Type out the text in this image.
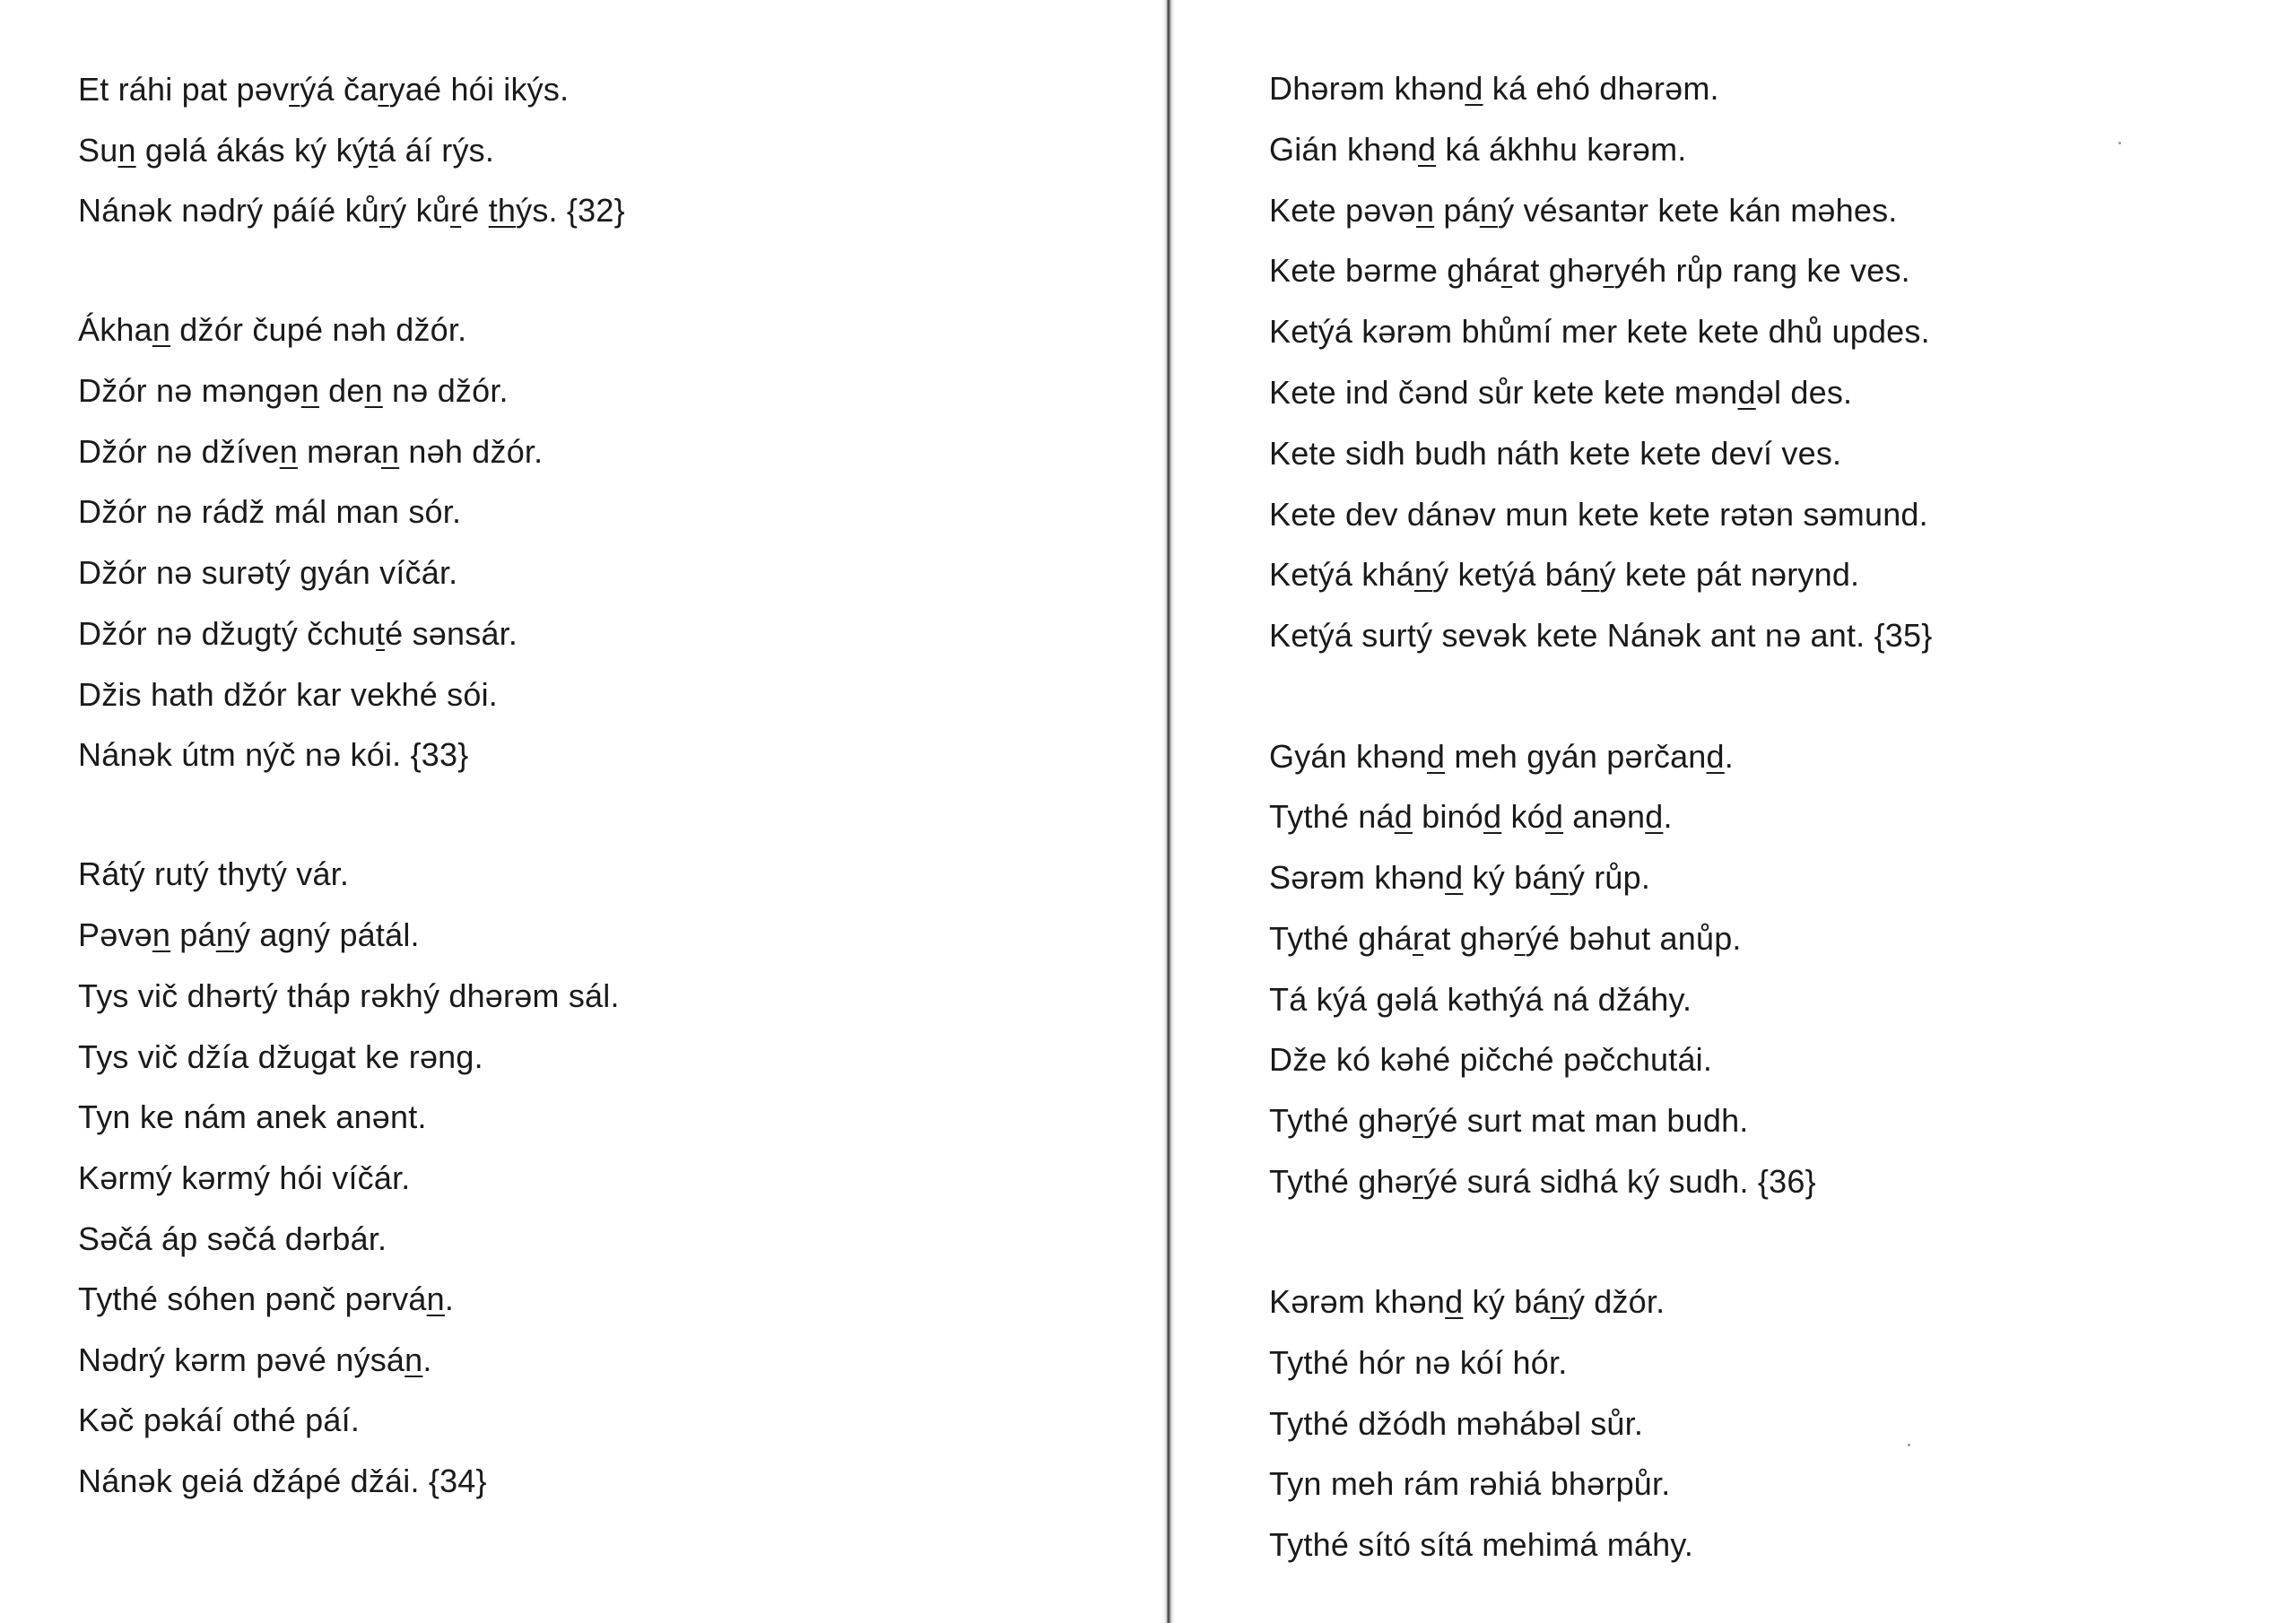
Et ráhi pat pəvrýá čaryaé hói ikýs.
Sun gəlá ákás ký kýtá áí rýs.
Nánək nədrý páíé kůrý kůré thýs. {32}
Ákhan džór čupé nəh džór.
Džór nə məngən den nə džór.
Džór nə džíven məran nəh džór.
Džór nə rádž mál man sór.
Džór nə surətý gyán víčár.
Džór nə džugtý čchuté sənsár.
Džis hath džór kar vekhé sói.
Nánək útm nýč nə kói. {33}
Rátý rutý thytý vár.
Pəvən páný agný pátál.
Tys vič dhərtý tháp rəkhý dhərəm sál.
Tys vič džía džugat ke rəng.
Tyn ke nám anek anənt.
Kərmý kərmý hói víčár.
Səčá áp səčá dərbár.
Tythé sóhen pənč pərván.
Nədrý kərm pəvé nýsán.
Kəč pəkáí othé páí.
Nánək geiá džápé džái. {34}
Dhərəm khənd ká ehó dhərəm.
Gián khənd ká ákhhu kərəm.
Kete pəvən páný vésantər kete kán məhes.
Kete bərme ghárat ghəryéh růp rang ke ves.
Ketýá kərəm bhůmí mer kete kete dhů updes.
Kete ind čənd sůr kete kete məndəl des.
Kete sidh budh náth kete kete deví ves.
Kete dev dánəv mun kete kete rətən səmund.
Ketýá kháný ketýá báný kete pát nərynd.
Ketýá surtý sevək kete Nánək ant nə ant. {35}
Gyán khənd meh gyán pərčand.
Tythé nád binód kód anənd.
Sərəm khənd ký báný růp.
Tythé ghárat ghərýé bəhut anůp.
Tá kýá gəlá kəthýá ná džáhy.
Dže kó kəhé pičché pəčchutái.
Tythé ghərýé surt mat man budh.
Tythé ghərýé surá sidhá ký sudh. {36}
Kərəm khənd ký báný džór.
Tythé hór nə kóí hór.
Tythé džódh məhábəl sůr.
Tyn meh rám rəhiá bhərpůr.
Tythé sító sítá mehimá máhy.
